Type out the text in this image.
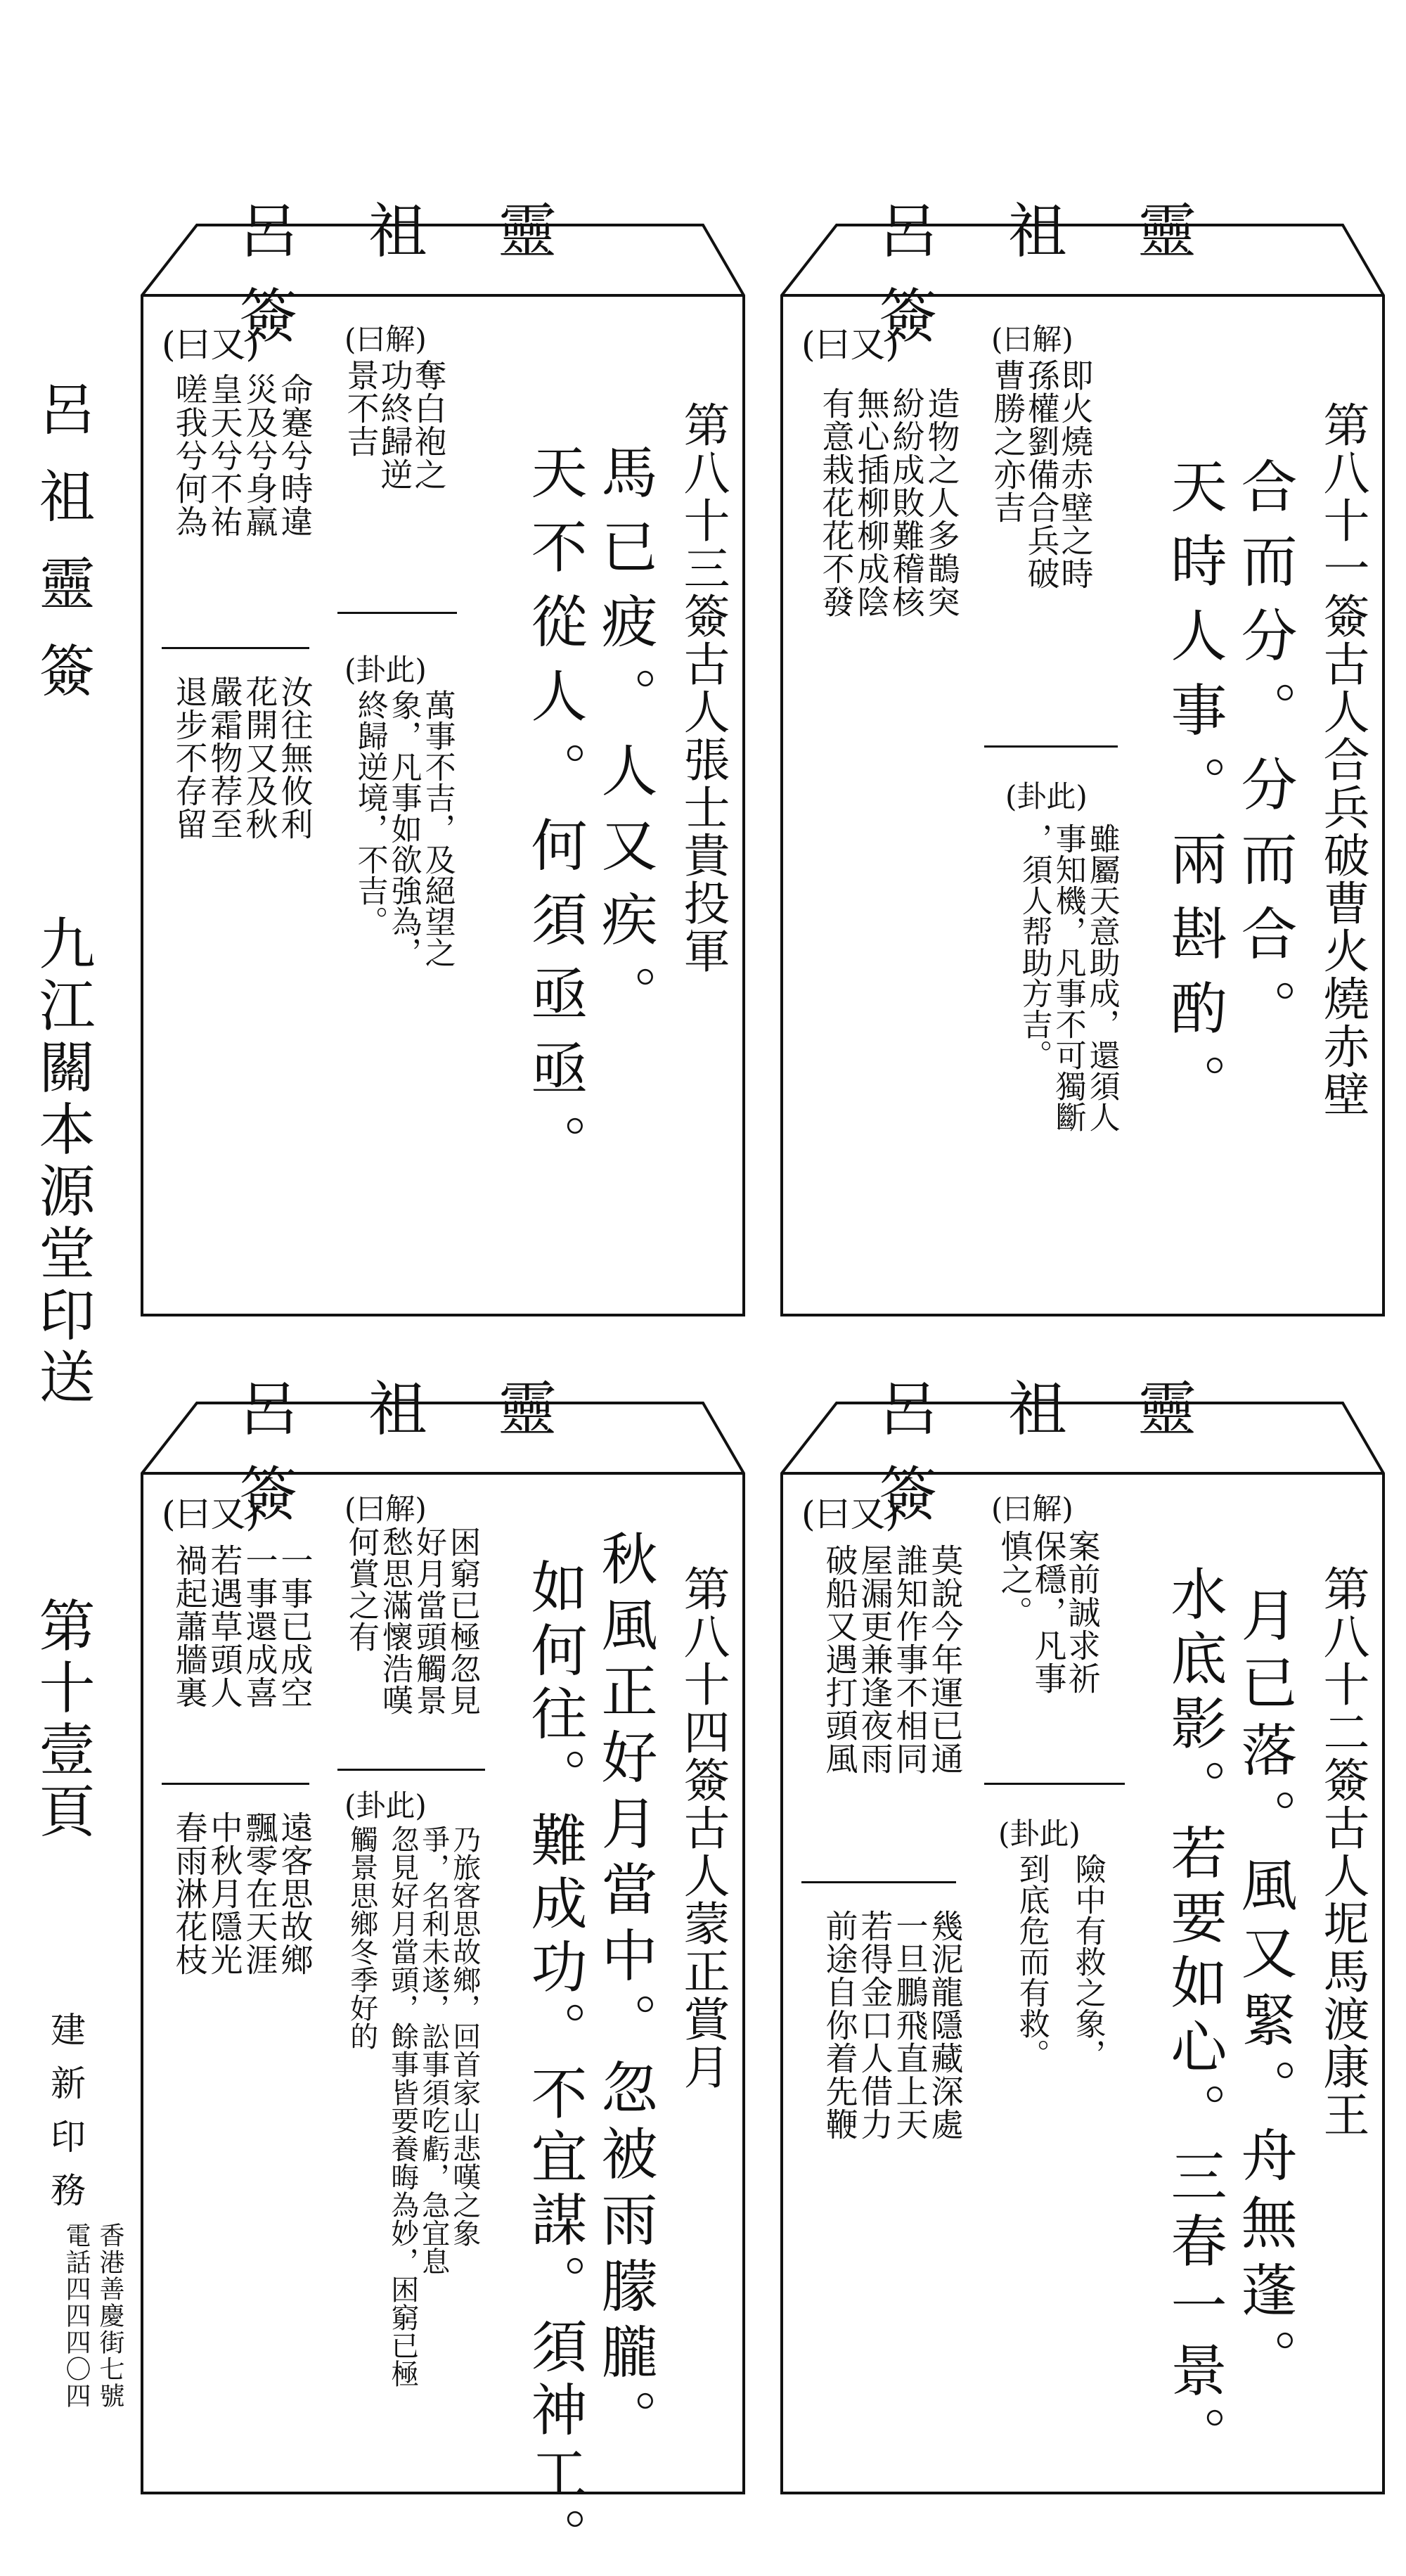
呂祖靈簽
九江關本源堂印送
第十壹頁
建新印務
香港善慶街七號
電話四四四〇四
呂祖靈簽
第八十三簽古人張士貴投軍
馬已疲。人又疾。
天不從人。何須亟亟。
(曰解)
奪白袍之
功終歸逆
景不吉
(卦此)
萬事不吉，及絕望之
象，凡事如欲強為，
終歸逆境，不吉。
(曰又)
命蹇兮時違
災及兮身羸
皇天兮不祐
嗟我兮何為
汝往無攸利
花開又及秋
嚴霜物荐至
退步不存留
呂祖靈簽
第八十一簽古人合兵破曹火燒赤壁
合而分。分而合。
天時人事。兩斟酌。
(曰解)
即火燒赤壁之時
孫權劉備合兵破
曹勝之亦吉
(卦此)
雖屬天意助成，還須人
事知機，凡事不可獨斷
，須人帮助方吉。
(曰又)
造物之人多鵲突
紛紛成敗難稽核
無心插柳柳成陰
有意栽花花不發
呂祖靈簽
第八十四簽古人蒙正賞月
秋風正好月當中。忽被雨朦朧。
如何往。難成功。不宜謀。須神工。
(曰解)
困窮已極忽見
好月當頭觸景
愁思滿懷浩嘆
何賞之有
(卦此)
乃旅客思故鄉，回首家山悲嘆之象
爭，名利未遂，訟事須吃虧，急宜息
忽見好月當頭，餘事皆要養晦為妙，困窮已極
觸景思鄉冬季好的
(曰又)
一事已成空
一事還成喜
若遇草頭人
禍起蕭牆裏
遠客思故鄉
飄零在天涯
中秋月隱光
春雨淋花枝
呂祖靈簽
第八十二簽古人坭馬渡康王
月已落。風又緊。舟無蓬。
水底影。若要如心。三春一景。
(曰解)
案前誠求祈
保穩，凡事
慎之。
(卦此)
險中有救之象，
到底危而有救。
(曰又)
莫說今年運已通
誰知作事不相同
屋漏更兼逢夜雨
破船又遇打頭風
幾泥龍隱藏深處
一旦鵬飛直上天
若得金口人借力
前途自你着先鞭
